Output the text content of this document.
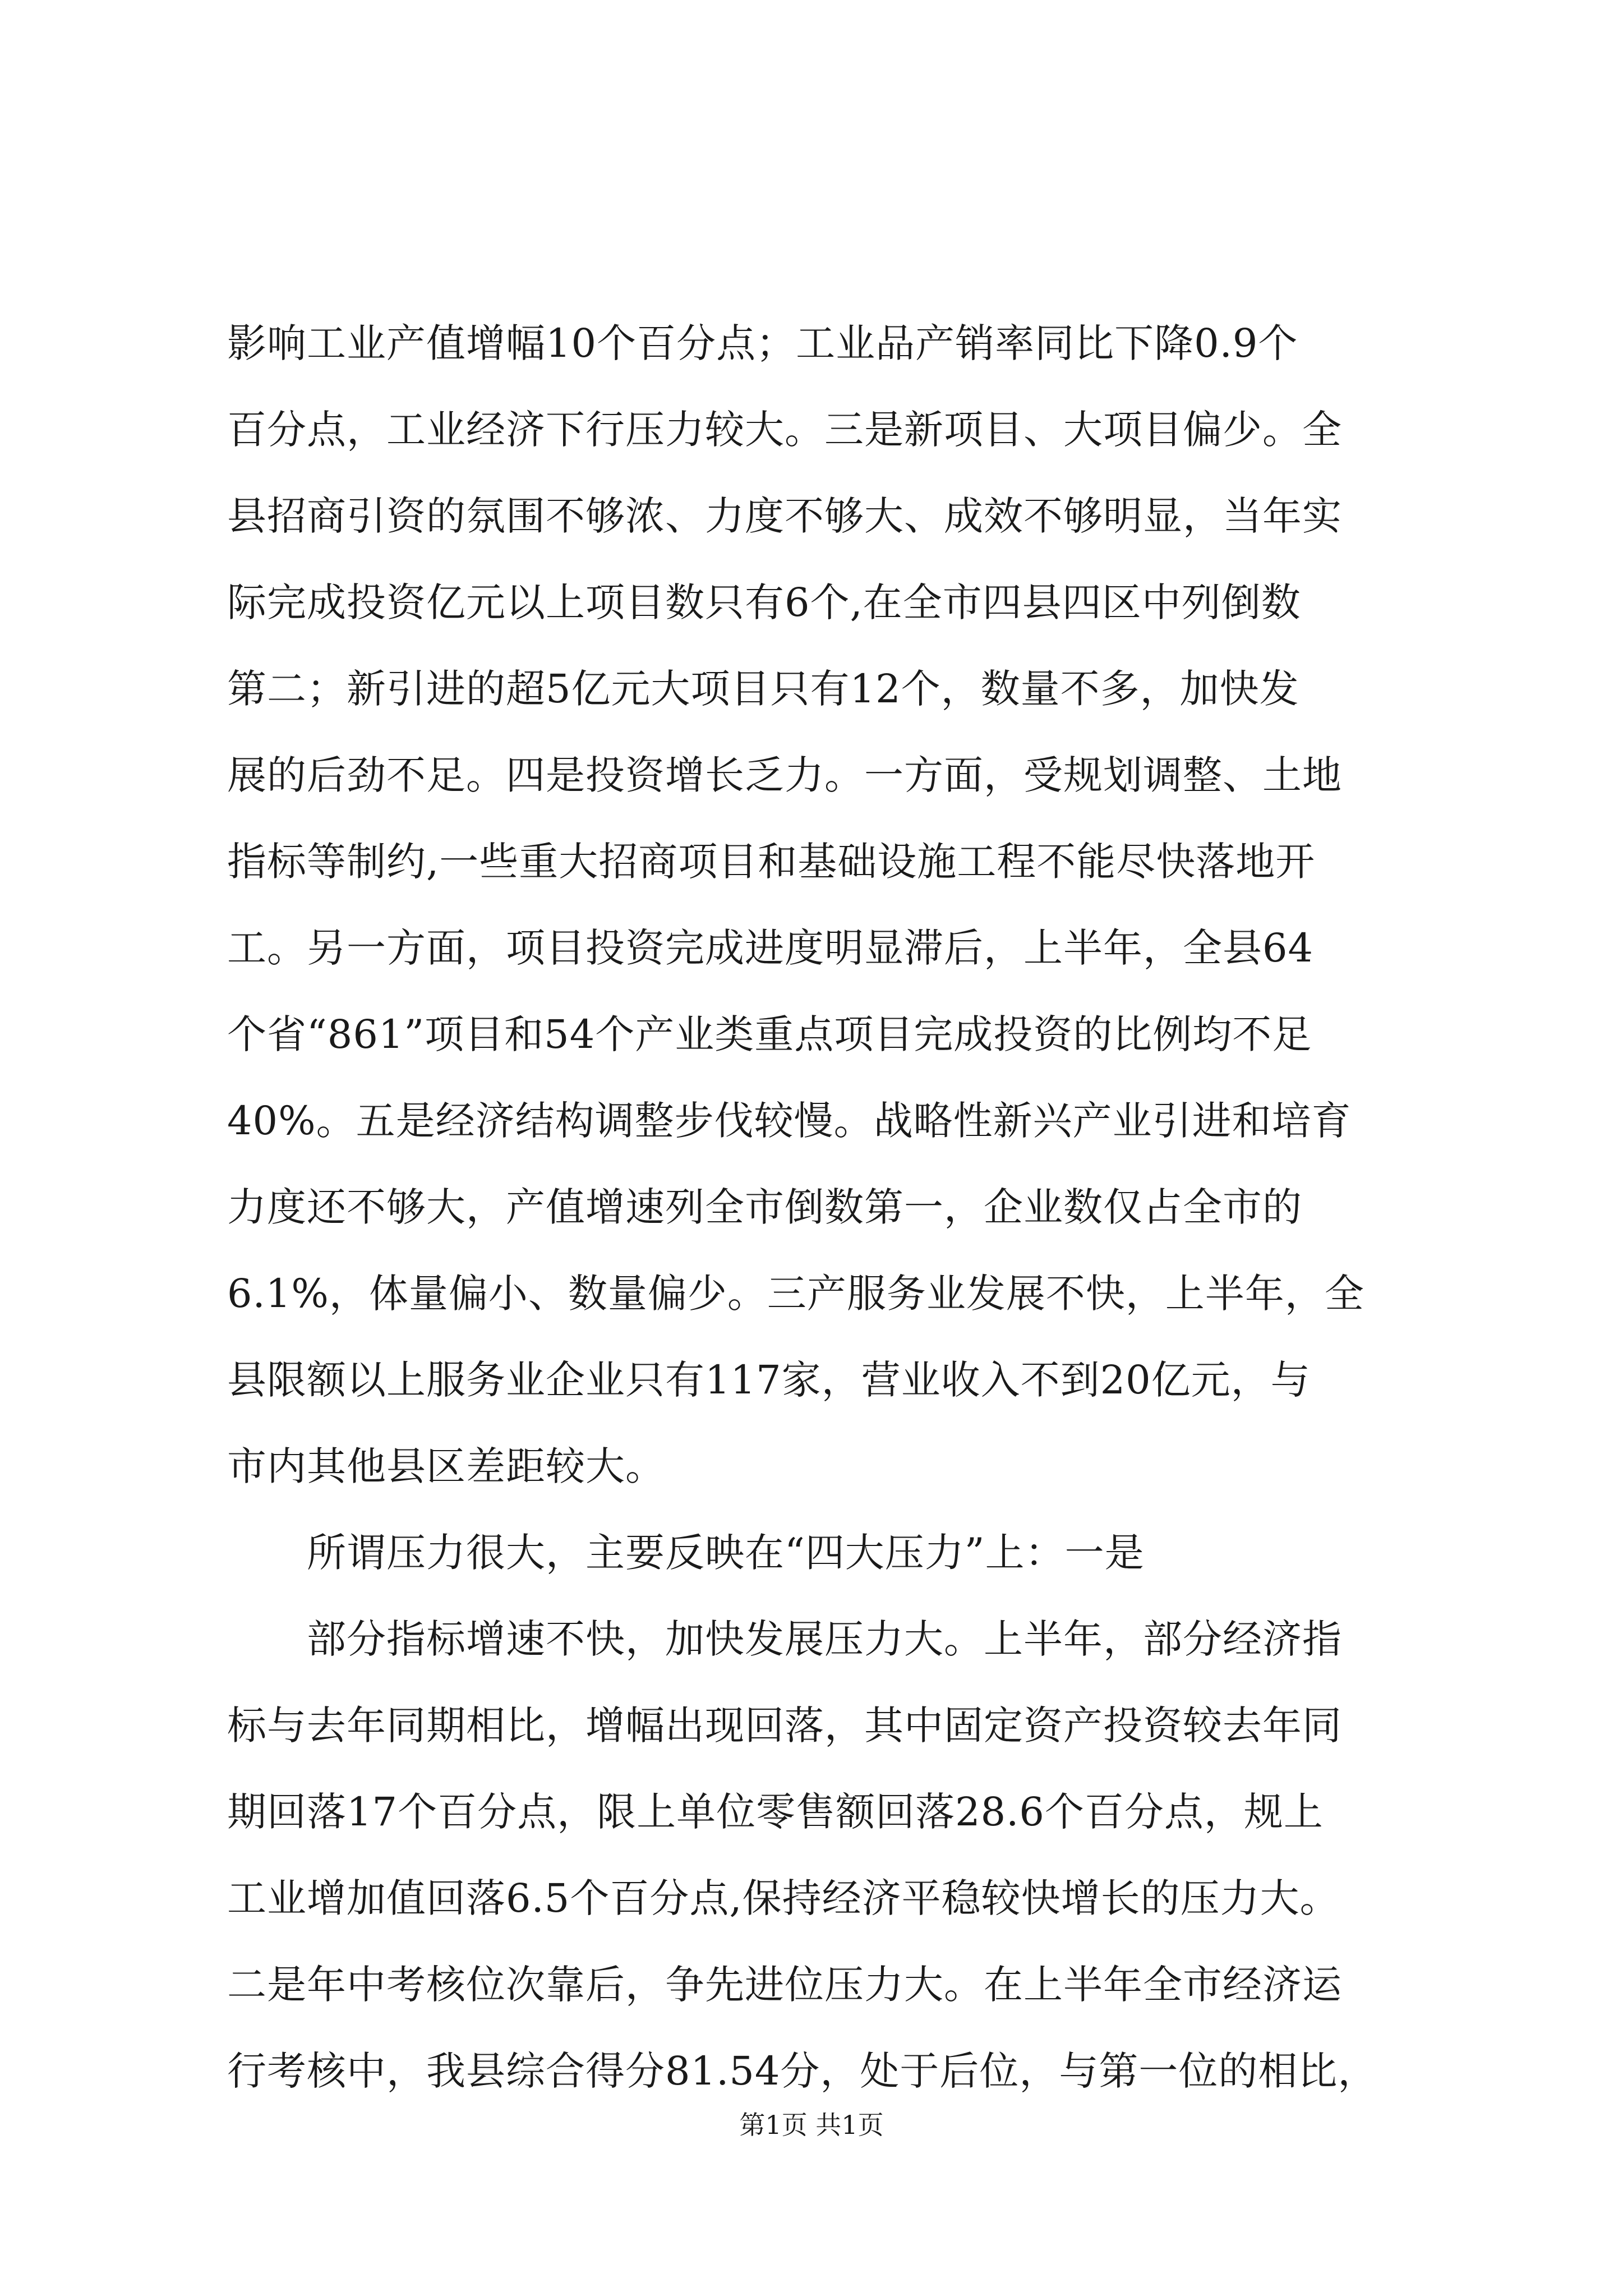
影响工业产值增幅10个百分点；工业品产销率同比下降0.9个
百分点，工业经济下行压力较大。三是新项目、大项目偏少。全
县招商引资的氛围不够浓、力度不够大、成效不够明显，当年实
际完成投资亿元以上项目数只有6个,在全市四县四区中列倒数
第二；新引进的超5亿元大项目只有12个，数量不多，加快发
展的后劲不足。四是投资增长乏力。一方面，受规划调整、土地
指标等制约,一些重大招商项目和基础设施工程不能尽快落地开
工。另一方面，项目投资完成进度明显滞后，上半年，全县64
个省“861”项目和54个产业类重点项目完成投资的比例均不足
40%。五是经济结构调整步伐较慢。战略性新兴产业引进和培育
力度还不够大，产值增速列全市倒数第一，企业数仅占全市的
6.1%，体量偏小、数量偏少。三产服务业发展不快，上半年，全
县限额以上服务业企业只有117家，营业收入不到20亿元，与
市内其他县区差距较大。
　　所谓压力很大，主要反映在“四大压力”上：一是
　　部分指标增速不快，加快发展压力大。上半年，部分经济指
标与去年同期相比，增幅出现回落，其中固定资产投资较去年同
期回落17个百分点，限上单位零售额回落28.6个百分点，规上
工业增加值回落6.5个百分点,保持经济平稳较快增长的压力大。
二是年中考核位次靠后，争先进位压力大。在上半年全市经济运
行考核中，我县综合得分81.54分，处于后位，与第一位的相比，
第1页 共1页
